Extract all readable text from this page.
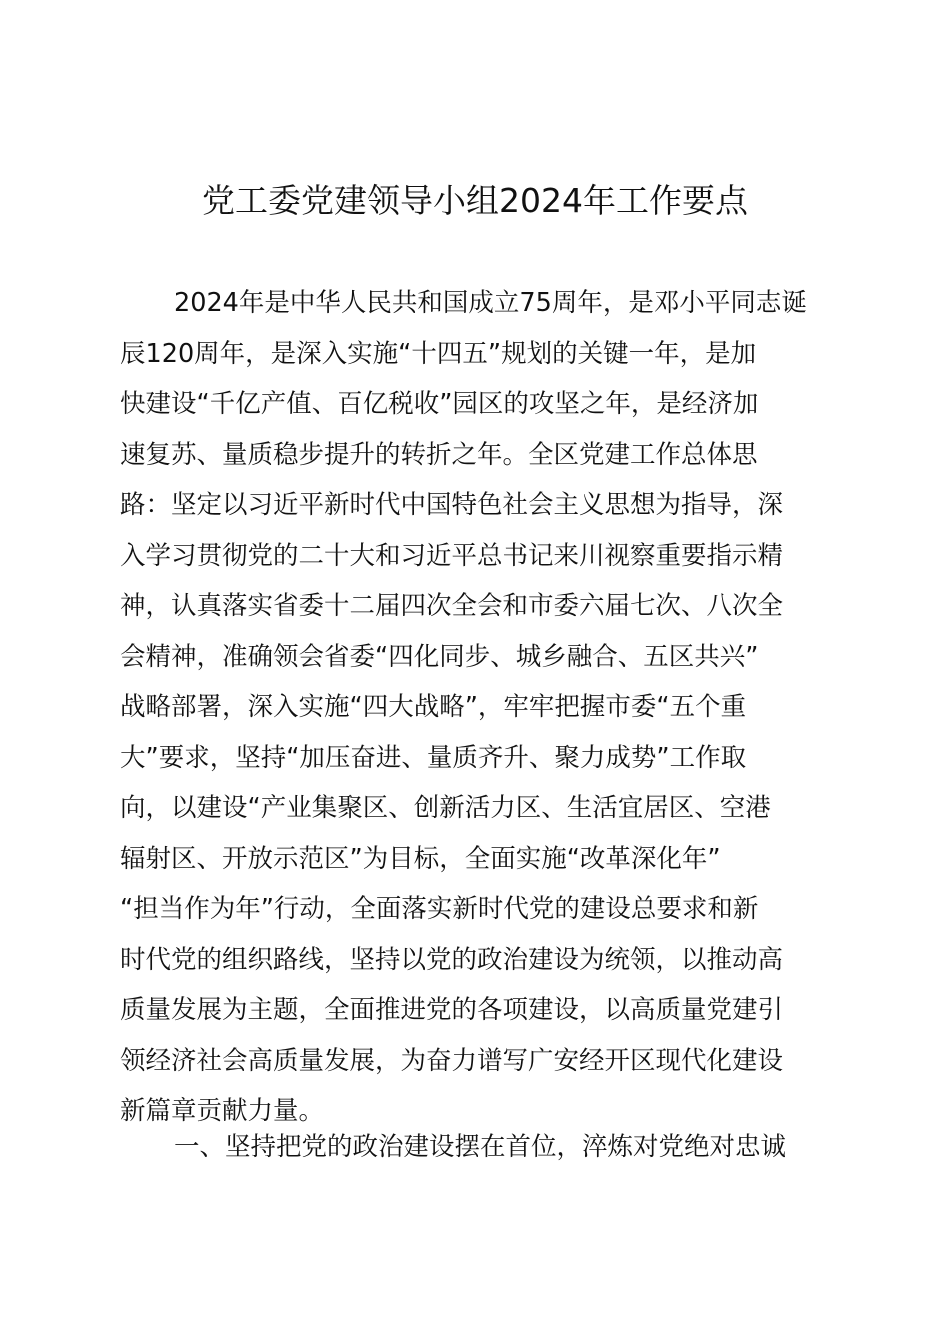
党工委党建领导小组2024年工作要点
2024年是中华人民共和国成立75周年，是邓小平同志诞
辰120周年，是深入实施“十四五”规划的关键一年，是加
快建设“千亿产值、百亿税收”园区的攻坚之年，是经济加
速复苏、量质稳步提升的转折之年。全区党建工作总体思
路：坚定以习近平新时代中国特色社会主义思想为指导，深
入学习贯彻党的二十大和习近平总书记来川视察重要指示精
神，认真落实省委十二届四次全会和市委六届七次、八次全
会精神，准确领会省委“四化同步、城乡融合、五区共兴”
战略部署，深入实施“四大战略”，牢牢把握市委“五个重
大”要求，坚持“加压奋进、量质齐升、聚力成势”工作取
向，以建设“产业集聚区、创新活力区、生活宜居区、空港
辐射区、开放示范区”为目标，全面实施“改革深化年”
“担当作为年”行动，全面落实新时代党的建设总要求和新
时代党的组织路线，坚持以党的政治建设为统领，以推动高
质量发展为主题，全面推进党的各项建设，以高质量党建引
领经济社会高质量发展，为奋力谱写广安经开区现代化建设
新篇章贡献力量。
一、坚持把党的政治建设摆在首位，淬炼对党绝对忠诚
